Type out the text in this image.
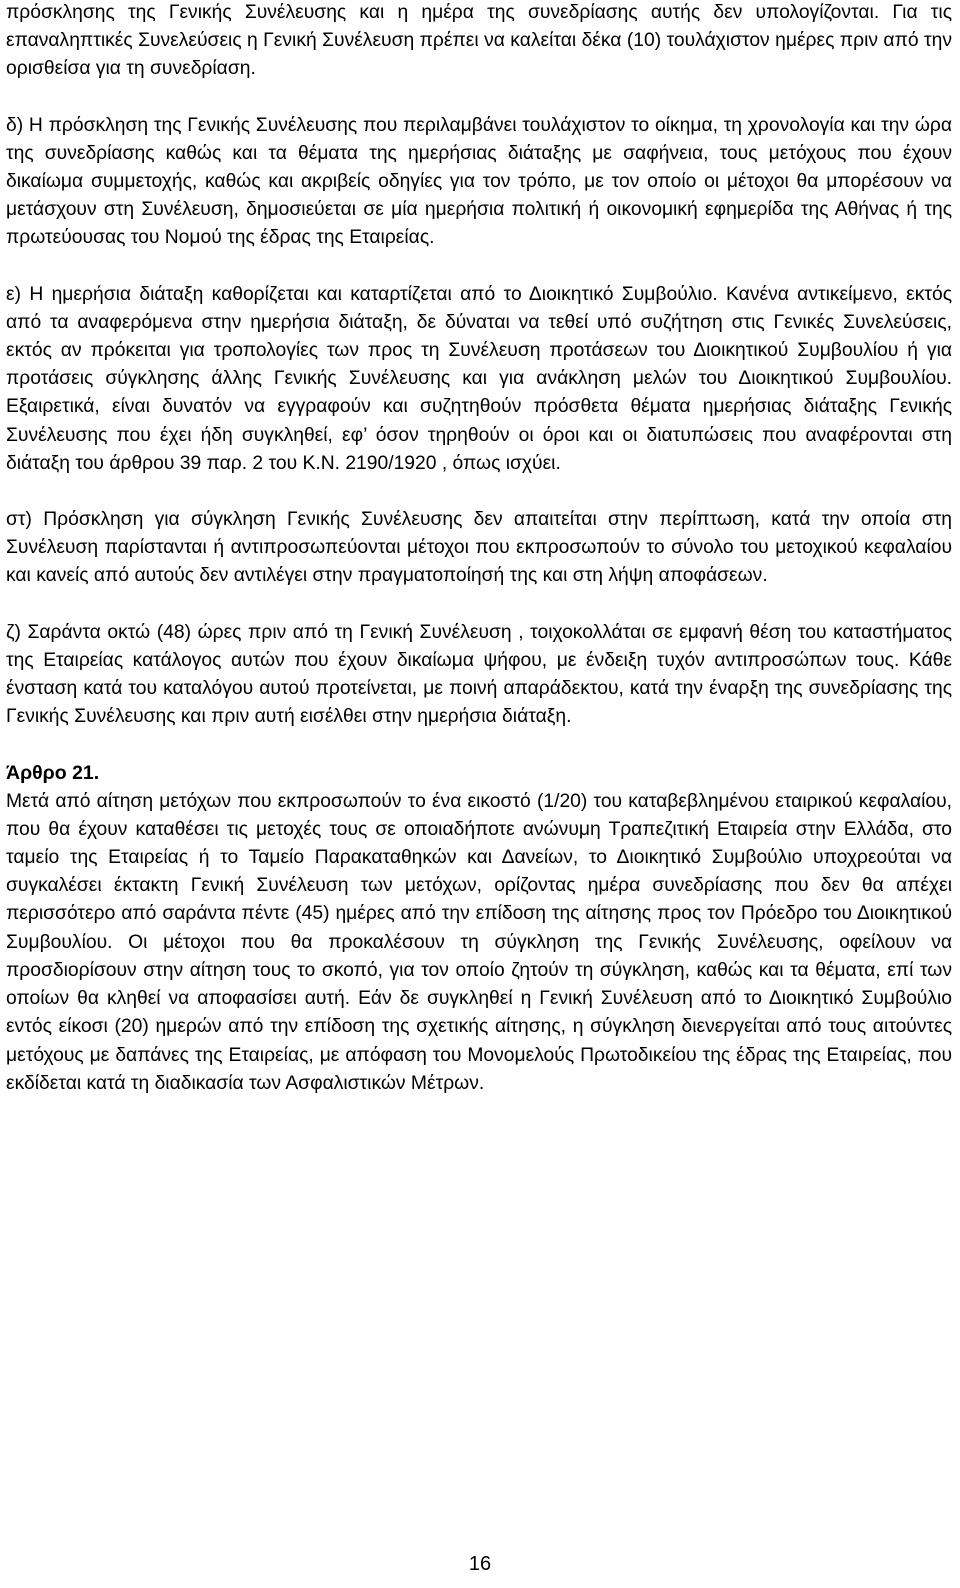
πρόσκλησης της Γενικής Συνέλευσης και η ημέρα της συνεδρίασης αυτής δεν υπολογίζονται. Για τις επαναληπτικές Συνελεύσεις η Γενική Συνέλευση πρέπει να καλείται δέκα (10) τουλάχιστον ημέρες πριν από την ορισθείσα για τη συνεδρίαση.

δ) Η πρόσκληση της Γενικής Συνέλευσης που περιλαμβάνει τουλάχιστον το οίκημα, τη χρονολογία και την ώρα της συνεδρίασης καθώς και τα θέματα της ημερήσιας διάταξης με σαφήνεια, τους μετόχους που έχουν δικαίωμα συμμετοχής, καθώς και ακριβείς οδηγίες για τον τρόπο, με τον οποίο οι μέτοχοι θα μπορέσουν να μετάσχουν στη Συνέλευση, δημοσιεύεται σε μία ημερήσια πολιτική ή οικονομική εφημερίδα της Αθήνας ή της πρωτεύουσας του Νομού της έδρας της Εταιρείας.

ε) Η ημερήσια διάταξη καθορίζεται και καταρτίζεται από το Διοικητικό Συμβούλιο. Κανένα αντικείμενο, εκτός από τα αναφερόμενα στην ημερήσια διάταξη, δε δύναται να τεθεί υπό συζήτηση στις Γενικές Συνελεύσεις, εκτός αν πρόκειται για τροπολογίες των προς τη Συνέλευση προτάσεων του Διοικητικού Συμβουλίου ή για προτάσεις σύγκλησης άλλης Γενικής Συνέλευσης και για ανάκληση μελών του Διοικητικού Συμβουλίου. Εξαιρετικά, είναι δυνατόν να εγγραφούν και συζητηθούν πρόσθετα θέματα ημερήσιας διάταξης Γενικής Συνέλευσης που έχει ήδη συγκληθεί, εφ’ όσον τηρηθούν οι όροι και οι διατυπώσεις που αναφέρονται στη διάταξη του άρθρου 39 παρ. 2 του Κ.Ν. 2190/1920 , όπως ισχύει.

στ) Πρόσκληση για σύγκληση Γενικής Συνέλευσης δεν απαιτείται στην περίπτωση, κατά την οποία στη Συνέλευση παρίστανται ή αντιπροσωπεύονται μέτοχοι που εκπροσωπούν το σύνολο του μετοχικού κεφαλαίου και κανείς από αυτούς δεν αντιλέγει στην πραγματοποίησή της και στη λήψη αποφάσεων.

ζ) Σαράντα οκτώ (48) ώρες πριν από τη Γενική Συνέλευση , τοιχοκολλάται σε εμφανή θέση του καταστήματος της Εταιρείας κατάλογος αυτών που έχουν δικαίωμα ψήφου, με ένδειξη τυχόν αντιπροσώπων τους. Κάθε ένσταση κατά του καταλόγου αυτού προτείνεται, με ποινή απαράδεκτου, κατά την έναρξη της συνεδρίασης της Γενικής Συνέλευσης και πριν αυτή εισέλθει στην ημερήσια διάταξη.

Άρθρο 21.

Μετά από αίτηση μετόχων που εκπροσωπούν το ένα εικοστό (1/20) του καταβεβλημένου εταιρικού κεφαλαίου, που θα έχουν καταθέσει τις μετοχές τους σε οποιαδήποτε ανώνυμη Τραπεζιτική Εταιρεία στην Ελλάδα, στο ταμείο της Εταιρείας ή το Ταμείο Παρακαταθηκών και Δανείων, το Διοικητικό Συμβούλιο υποχρεούται να συγκαλέσει έκτακτη Γενική Συνέλευση των μετόχων, ορίζοντας ημέρα συνεδρίασης που δεν θα απέχει περισσότερο από σαράντα πέντε (45) ημέρες από την επίδοση της αίτησης προς τον Πρόεδρο του Διοικητικού Συμβουλίου. Οι μέτοχοι που θα προκαλέσουν τη σύγκληση της Γενικής Συνέλευσης, οφείλουν να προσδιορίσουν στην αίτηση τους το σκοπό, για τον οποίο ζητούν τη σύγκληση, καθώς και τα θέματα, επί των οποίων θα κληθεί να αποφασίσει αυτή. Εάν δε συγκληθεί η Γενική Συνέλευση από το Διοικητικό Συμβούλιο εντός είκοσι (20) ημερών από την επίδοση της σχετικής αίτησης, η σύγκληση διενεργείται από τους αιτούντες μετόχους με δαπάνες της Εταιρείας, με απόφαση του Μονομελούς Πρωτοδικείου της έδρας της Εταιρείας, που εκδίδεται κατά τη διαδικασία των Ασφαλιστικών Μέτρων.

16
